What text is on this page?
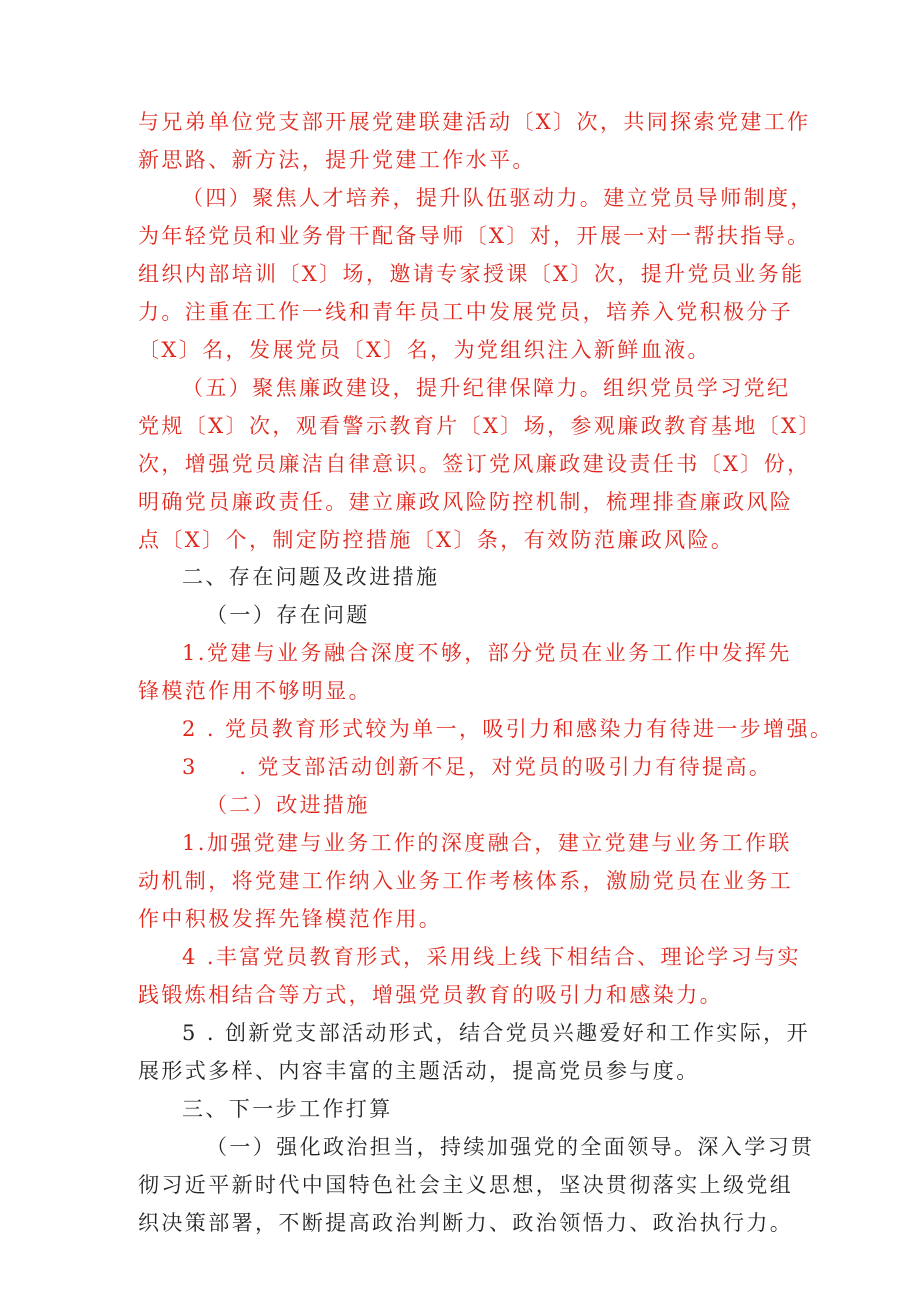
与兄弟单位党支部开展党建联建活动〔X〕次，共同探索党建工作
新思路、新方法，提升党建工作水平。
（四）聚焦人才培养，提升队伍驱动力。建立党员导师制度，
为年轻党员和业务骨干配备导师〔X〕对，开展一对一帮扶指导。
组织内部培训〔X〕场，邀请专家授课〔X〕次，提升党员业务能
力。注重在工作一线和青年员工中发展党员，培养入党积极分子
〔X〕名，发展党员〔X〕名，为党组织注入新鲜血液。
（五）聚焦廉政建设，提升纪律保障力。组织党员学习党纪
党规〔X〕次，观看警示教育片〔X〕场，参观廉政教育基地〔X〕
次，增强党员廉洁自律意识。签订党风廉政建设责任书〔X〕份，
明确党员廉政责任。建立廉政风险防控机制，梳理排查廉政风险
点〔X〕个，制定防控措施〔X〕条，有效防范廉政风险。
二、存在问题及改进措施
（一）存在问题
1.党建与业务融合深度不够，部分党员在业务工作中发挥先
锋模范作用不够明显。
2 . 党员教育形式较为单一，吸引力和感染力有待进一步增强。
3 　 . 党支部活动创新不足，对党员的吸引力有待提高。
（二）改进措施
1.加强党建与业务工作的深度融合，建立党建与业务工作联
动机制，将党建工作纳入业务工作考核体系，激励党员在业务工
作中积极发挥先锋模范作用。
4 .丰富党员教育形式，采用线上线下相结合、理论学习与实
践锻炼相结合等方式，增强党员教育的吸引力和感染力。
5 . 创新党支部活动形式，结合党员兴趣爱好和工作实际，开
展形式多样、内容丰富的主题活动，提高党员参与度。
三、下一步工作打算
（一）强化政治担当，持续加强党的全面领导。深入学习贯
彻习近平新时代中国特色社会主义思想，坚决贯彻落实上级党组
织决策部署，不断提高政治判断力、政治领悟力、政治执行力。
